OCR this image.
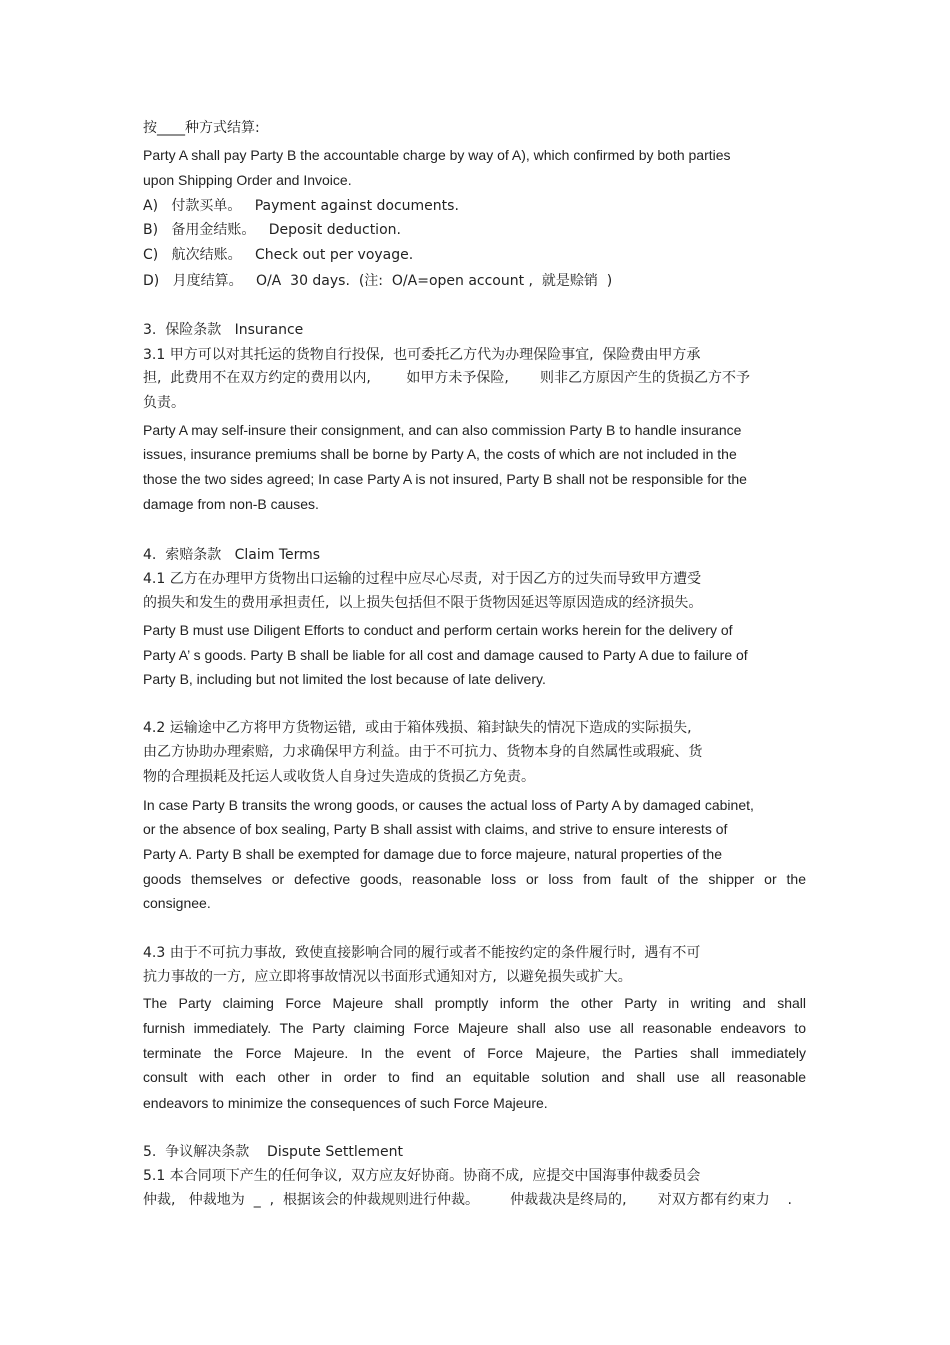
按____种方式结算:
Party A shall pay Party B the accountable charge by way of A), which confirmed by both parties
upon Shipping Order and Invoice.
A)   付款买单。   Payment against documents.
B)   备用金结账。   Deposit deduction.
C)   航次结账。   Check out per voyage.
D)   月度结算。   O/A  30 days.  (注:  O/A=open account ,  就是赊销  )
3.  保险条款   Insurance
3.1 甲方可以对其托运的货物自行投保,  也可委托乙方代为办理保险事宜,  保险费由甲方承
担,  此费用不在双方约定的费用以内,        如甲方未予保险,       则非乙方原因产生的货损乙方不予
负责。
Party A may self-insure their consignment, and can also commission Party B to handle insurance
issues, insurance premiums shall be borne by Party A, the costs of which are not included in the
those the two sides agreed; In case Party A is not insured, Party B shall not be responsible for the
damage from non-B causes.
4.  索赔条款   Claim Terms
4.1 乙方在办理甲方货物出口运输的过程中应尽心尽责,  对于因乙方的过失而导致甲方遭受
的损失和发生的费用承担责任,  以上损失包括但不限于货物因延迟等原因造成的经济损失。
Party B must use Diligent Efforts to conduct and perform certain works herein for the delivery of
Party A’ s goods. Party B shall be liable for all cost and damage caused to Party A due to failure of
Party B, including but not limited the lost because of late delivery.
4.2 运输途中乙方将甲方货物运错,  或由于箱体残损、箱封缺失的情况下造成的实际损失,
由乙方协助办理索赔,  力求确保甲方利益。由于不可抗力、货物本身的自然属性或瑕疵、货
物的合理损耗及托运人或收货人自身过失造成的货损乙方免责。
In case Party B transits the wrong goods, or causes the actual loss of Party A by damaged cabinet,
or the absence of box sealing, Party B shall assist with claims, and strive to ensure interests of
Party A. Party B shall be exempted for damage due to force majeure, natural properties of the
goods themselves or defective goods, reasonable loss or loss from fault of the shipper or the
consignee.
4.3 由于不可抗力事故,  致使直接影响合同的履行或者不能按约定的条件履行时,  遇有不可
抗力事故的一方,  应立即将事故情况以书面形式通知对方,  以避免损失或扩大。
The Party claiming Force Majeure shall promptly inform the other Party in writing and shall
furnish immediately. The Party claiming Force Majeure shall also use all reasonable endeavors to
terminate the Force Majeure. In the event of Force Majeure, the Parties shall immediately
consult with each other in order to find an equitable solution and shall use all reasonable
endeavors to minimize the consequences of such Force Majeure.
5.  争议解决条款    Dispute Settlement
5.1 本合同项下产生的任何争议,  双方应友好协商。协商不成,  应提交中国海事仲裁委员会
仲裁,   仲裁地为  _  ,  根据该会的仲裁规则进行仲裁。       仲裁裁决是终局的,       对双方都有约束力    .
